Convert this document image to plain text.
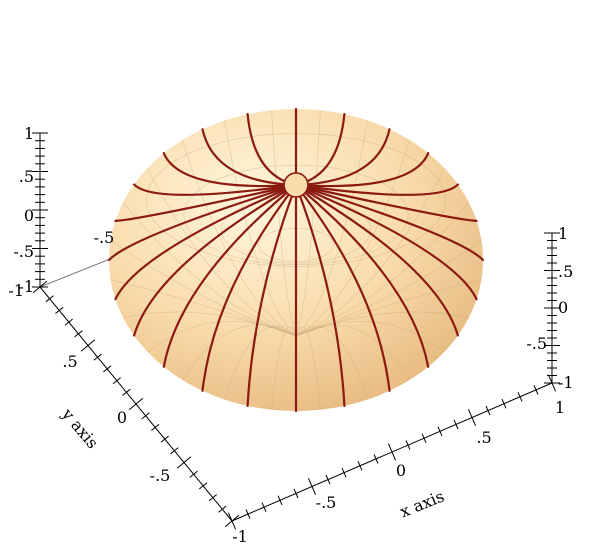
1
.5
0
-.5
-1
1
.5
0
-.5
-1
-1
-.5
.5
0
-.5
y axis
-1
-.5
0
.5
1
x axis
